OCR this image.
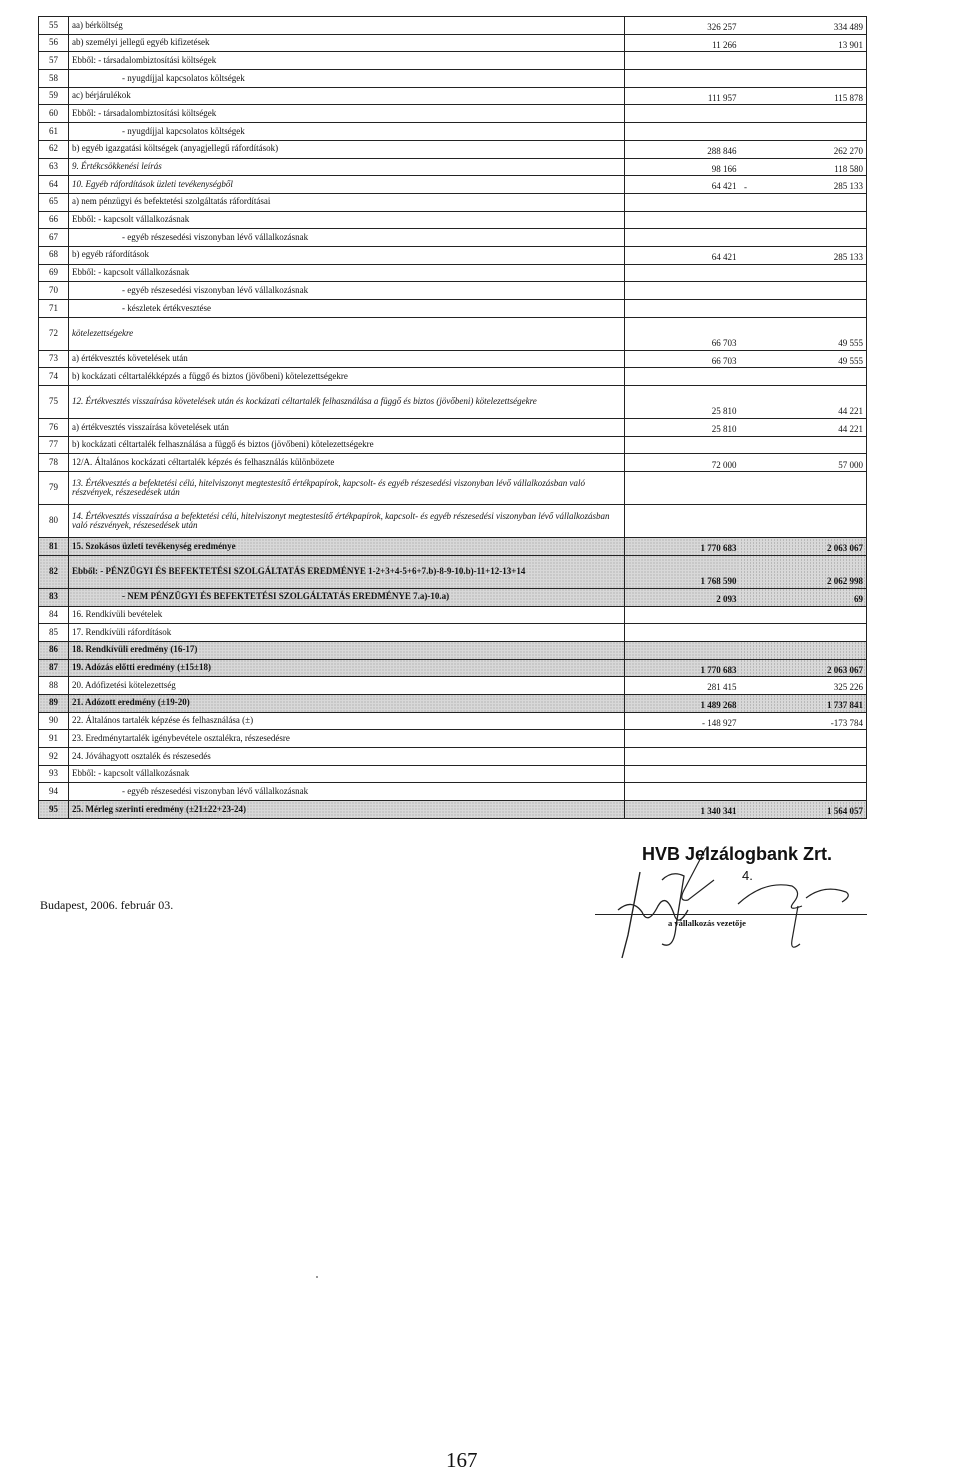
55	aa) bérköltség	326 257		334 489
56	ab) személyi jellegű egyéb kifizetések	11 266		13 901
57	Ebből: - társadalombiztosítási költségek			
58	- nyugdíjjal kapcsolatos költségek			
59	ac) bérjárulékok	111 957		115 878
60	Ebből: - társadalombiztosítási költségek			
61	- nyugdíjjal kapcsolatos költségek			
62	b) egyéb igazgatási költségek (anyagjellegű ráfordítások)	288 846		262 270
63	9. Értékcsökkenési leírás	98 166		118 580
64	10. Egyéb ráfordítások üzleti tevékenységből	64 421	-	285 133
65	a) nem pénzügyi és befektetési szolgáltatás ráfordításai			
66	Ebből: - kapcsolt vállalkozásnak			
67	- egyéb részesedési viszonyban lévő vállalkozásnak			
68	b) egyéb ráfordítások	64 421		285 133
69	Ebből: - kapcsolt vállalkozásnak			
70	- egyéb részesedési viszonyban lévő vállalkozásnak			
71	- készletek értékvesztése			
72	kötelezettségekre	66 703		49 555
73	a) értékvesztés követelések után	66 703		49 555
74	b) kockázati céltartalékképzés a függő és biztos (jövőbeni) kötelezettségekre			
75	12. Értékvesztés visszaírása követelések után és kockázati céltartalék felhasználása a függő és biztos (jövőbeni) kötelezettségekre	25 810		44 221
76	a) értékvesztés visszaírása követelések után	25 810		44 221
77	b) kockázati céltartalék felhasználása a függő és biztos (jövőbeni) kötelezettségekre			
78	12/A. Általános kockázati céltartalék képzés és felhasználás különbözete	72 000		57 000
79	13. Értékvesztés a befektetési célú, hitelviszonyt megtestesítő értékpapírok, kapcsolt- és egyéb részesedési viszonyban lévő vállalkozásban való részvények, részesedések után			
80	14. Értékvesztés visszaírása a befektetési célú, hitelviszonyt megtestesítő értékpapírok, kapcsolt- és egyéb részesedési viszonyban lévő vállalkozásban való részvények, részesedések után			
81	15. Szokásos üzleti tevékenység eredménye	1 770 683		2 063 067
82	Ebből: - PÉNZÜGYI ÉS BEFEKTETÉSI SZOLGÁLTATÁS EREDMÉNYE 1-2+3+4-5+6+7.b)-8-9-10.b)-11+12-13+14	1 768 590		2 062 998
83	- NEM PÉNZÜGYI ÉS BEFEKTETÉSI SZOLGÁLTATÁS EREDMÉNYE 7.a)-10.a)	2 093		69
84	16. Rendkívüli bevételek			
85	17. Rendkívüli ráfordítások			
86	18. Rendkívüli eredmény (16-17)			
87	19. Adózás előtti eredmény (±15±18)	1 770 683		2 063 067
88	20. Adófizetési kötelezettség	281 415		325 226
89	21. Adózott eredmény (±19-20)	1 489 268		1 737 841
90	22. Általános tartalék képzése és felhasználása (±)	- 148 927		-173 784
91	23. Eredménytartalék igénybevétele osztalékra, részesedésre			
92	24. Jóváhagyott osztalék és részesedés			
93	Ebből: - kapcsolt vállalkozásnak			
94	- egyéb részesedési viszonyban lévő vállalkozásnak			
95	25. Mérleg szerinti eredmény (±21±22+23-24)	1 340 341		1 564 057
HVB Jelzálogbank Zrt.
4.
Budapest, 2006. február 03.
a vállalkozás vezetője
167
